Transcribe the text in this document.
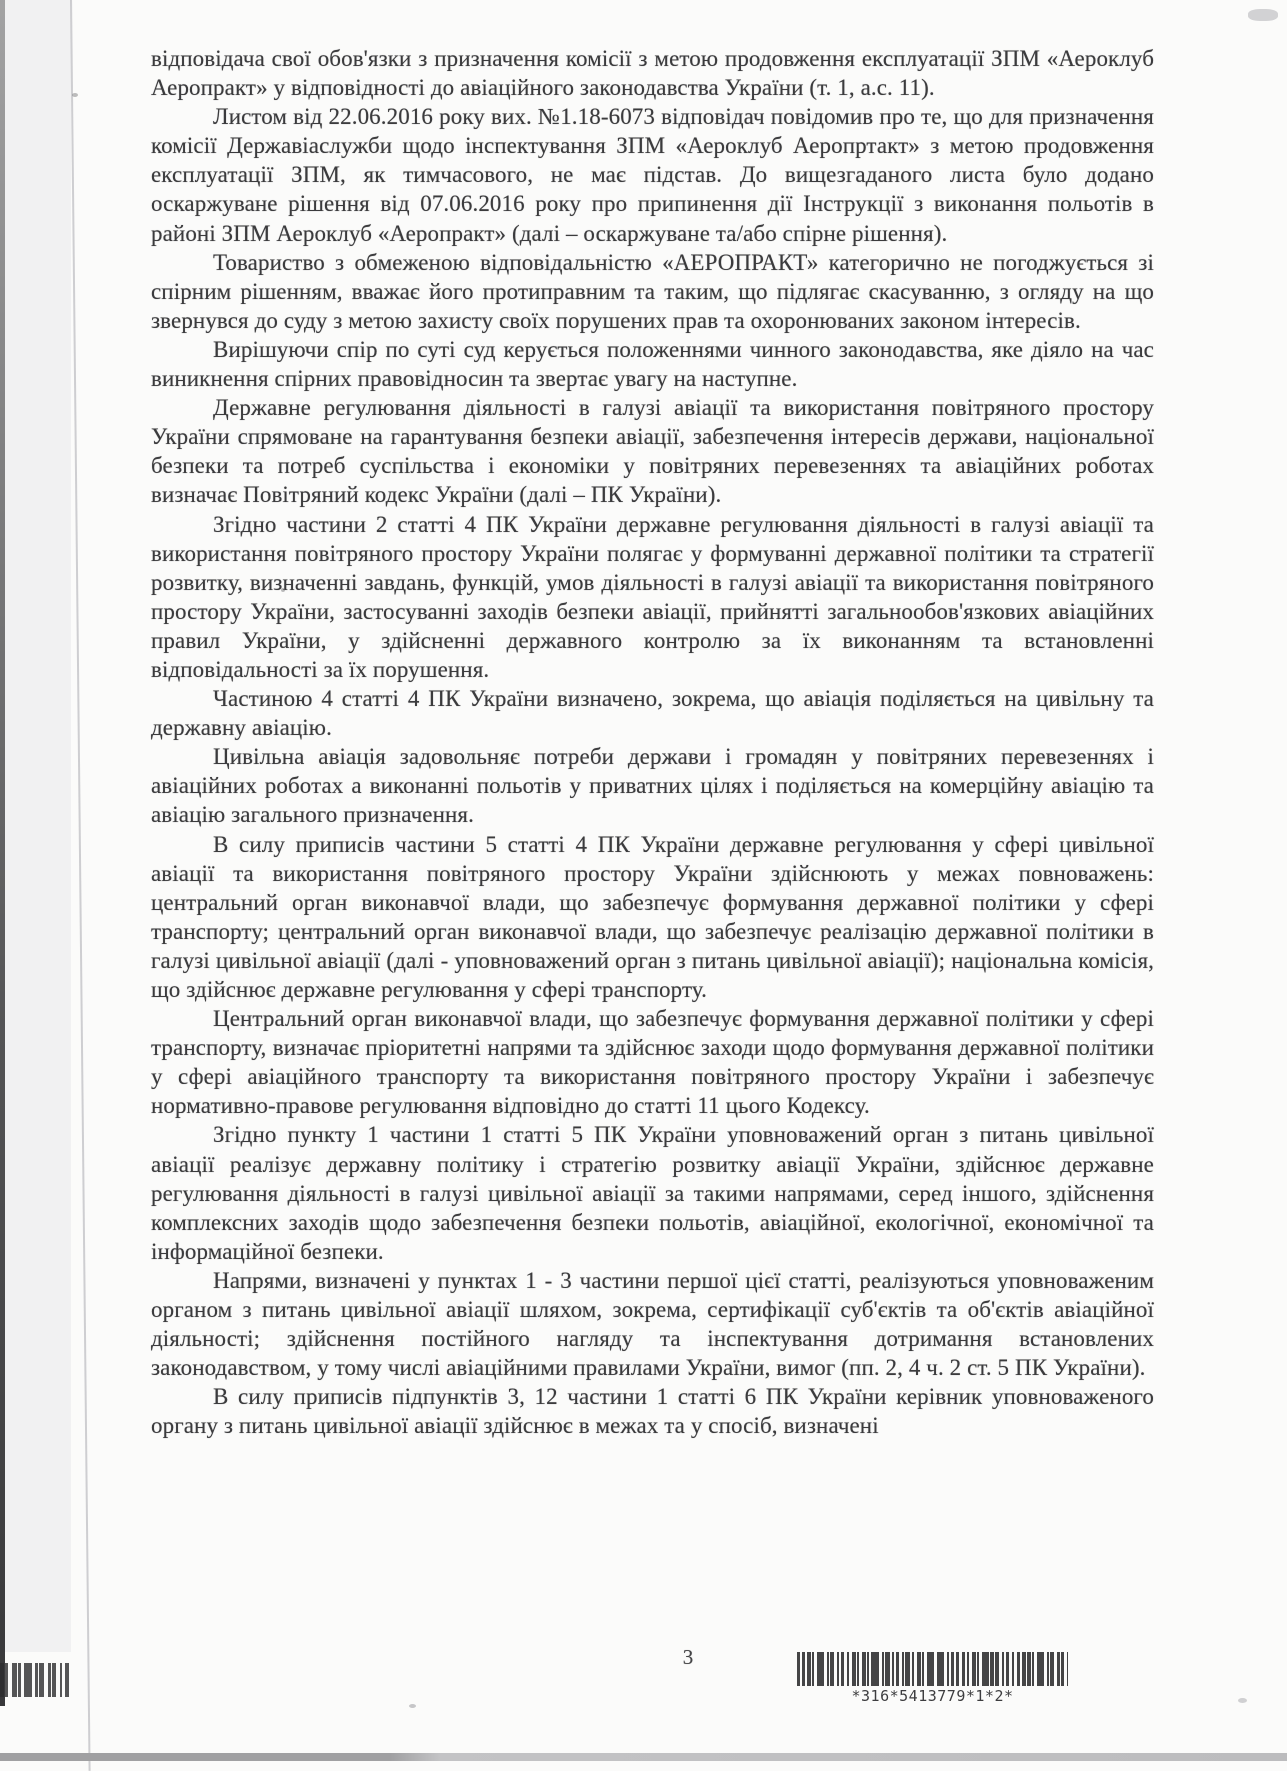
відповідача свої обов'язки з призначення комісії з метою продовження експлуатації ЗПМ «Аероклуб Аеропракт» у відповідності до авіаційного законодавства України (т. 1, а.с. 11).

Листом від 22.06.2016 року вих. №1.18-6073 відповідач повідомив про те, що для призначення комісії Державіаслужби щодо інспектування ЗПМ «Аероклуб Аеропртакт» з метою продовження експлуатації ЗПМ, як тимчасового, не має підстав. До вищезгаданого листа було додано оскаржуване рішення від 07.06.2016 року про припинення дії Інструкції з виконання польотів в районі ЗПМ Аероклуб «Аеропракт» (далі – оскаржуване та/або спірне рішення).

Товариство з обмеженою відповідальністю «АЕРОПРАКТ» категорично не погоджується зі спірним рішенням, вважає його протиправним та таким, що підлягає скасуванню, з огляду на що звернувся до суду з метою захисту своїх порушених прав та охоронюваних законом інтересів.

Вирішуючи спір по суті суд керується положеннями чинного законодавства, яке діяло на час виникнення спірних правовідносин та звертає увагу на наступне.

Державне регулювання діяльності в галузі авіації та використання повітряного простору України спрямоване на гарантування безпеки авіації, забезпечення інтересів держави, національної безпеки та потреб суспільства і економіки у повітряних перевезеннях та авіаційних роботах визначає Повітряний кодекс України (далі – ПК України).

Згідно частини 2 статті 4 ПК України державне регулювання діяльності в галузі авіації та використання повітряного простору України полягає у формуванні державної політики та стратегії розвитку, визначенні завдань, функцій, умов діяльності в галузі авіації та використання повітряного простору України, застосуванні заходів безпеки авіації, прийнятті загальнообов'язкових авіаційних правил України, у здійсненні державного контролю за їх виконанням та встановленні відповідальності за їх порушення.

Частиною 4 статті 4 ПК України визначено, зокрема, що авіація поділяється на цивільну та державну авіацію.

Цивільна авіація задовольняє потреби держави і громадян у повітряних перевезеннях і авіаційних роботах а виконанні польотів у приватних цілях і поділяється на комерційну авіацію та авіацію загального призначення.

В силу приписів частини 5 статті 4 ПК України державне регулювання у сфері цивільної авіації та використання повітряного простору України здійснюють у межах повноважень: центральний орган виконавчої влади, що забезпечує формування державної політики у сфері транспорту; центральний орган виконавчої влади, що забезпечує реалізацію державної політики в галузі цивільної авіації (далі - уповноважений орган з питань цивільної авіації); національна комісія, що здійснює державне регулювання у сфері транспорту.

Центральний орган виконавчої влади, що забезпечує формування державної політики у сфері транспорту, визначає пріоритетні напрями та здійснює заходи щодо формування державної політики у сфері авіаційного транспорту та використання повітряного простору України і забезпечує нормативно-правове регулювання відповідно до статті 11 цього Кодексу.

Згідно пункту 1 частини 1 статті 5 ПК України уповноважений орган з питань цивільної авіації реалізує державну політику і стратегію розвитку авіації України, здійснює державне регулювання діяльності в галузі цивільної авіації за такими напрямами, серед іншого, здійснення комплексних заходів щодо забезпечення безпеки польотів, авіаційної, екологічної, економічної та інформаційної безпеки.

Напрями, визначені у пунктах 1 - 3 частини першої цієї статті, реалізуються уповноваженим органом з питань цивільної авіації шляхом, зокрема, сертифікації суб'єктів та об'єктів авіаційної діяльності; здійснення постійного нагляду та інспектування дотримання встановлених законодавством, у тому числі авіаційними правилами України, вимог (пп. 2, 4 ч. 2 ст. 5 ПК України).

В силу приписів підпунктів 3, 12 частини 1 статті 6 ПК України керівник уповноваженого органу з питань цивільної авіації здійснює в межах та у спосіб, визначені

3
*316*5413779*1*2*
